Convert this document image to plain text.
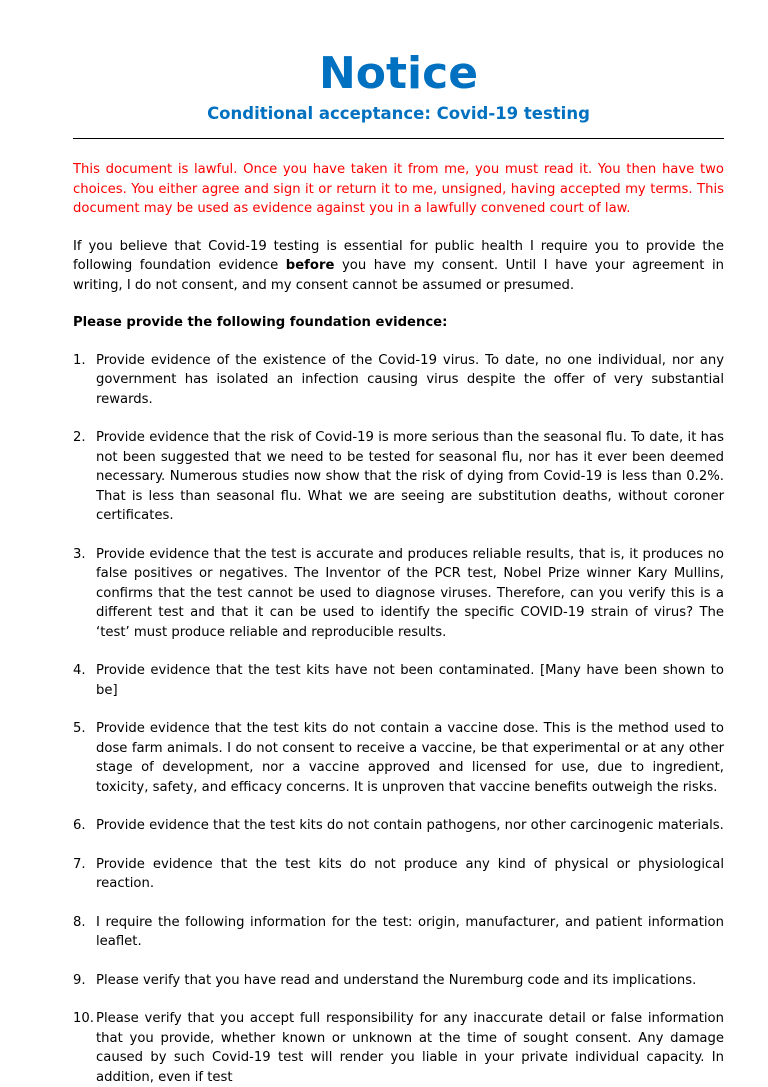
Notice
Conditional acceptance: Covid-19 testing

This document is lawful. Once you have taken it from me, you must read it. You then have two choices. You either agree and sign it or return it to me, unsigned, having accepted my terms. This document may be used as evidence against you in a lawfully convened court of law.

If you believe that Covid-19 testing is essential for public health I require you to provide the following foundation evidence before you have my consent. Until I have your agreement in writing, I do not consent, and my consent cannot be assumed or presumed.

Please provide the following foundation evidence:

1. Provide evidence of the existence of the Covid-19 virus. To date, no one individual, nor any government has isolated an infection causing virus despite the offer of very substantial rewards.
2. Provide evidence that the risk of Covid-19 is more serious than the seasonal flu. To date, it has not been suggested that we need to be tested for seasonal flu, nor has it ever been deemed necessary. Numerous studies now show that the risk of dying from Covid-19 is less than 0.2%. That is less than seasonal flu. What we are seeing are substitution deaths, without coroner certificates.
3. Provide evidence that the test is accurate and produces reliable results, that is, it produces no false positives or negatives. The Inventor of the PCR test, Nobel Prize winner Kary Mullins, confirms that the test cannot be used to diagnose viruses. Therefore, can you verify this is a different test and that it can be used to identify the specific COVID-19 strain of virus? The ‘test’ must produce reliable and reproducible results.
4. Provide evidence that the test kits have not been contaminated. [Many have been shown to be]
5. Provide evidence that the test kits do not contain a vaccine dose. This is the method used to dose farm animals. I do not consent to receive a vaccine, be that experimental or at any other stage of development, nor a vaccine approved and licensed for use, due to ingredient, toxicity, safety, and efficacy concerns. It is unproven that vaccine benefits outweigh the risks.
6. Provide evidence that the test kits do not contain pathogens, nor other carcinogenic materials.
7. Provide evidence that the test kits do not produce any kind of physical or physiological reaction.
8. I require the following information for the test: origin, manufacturer, and patient information leaflet.
9. Please verify that you have read and understand the Nuremburg code and its implications.
10. Please verify that you accept full responsibility for any inaccurate detail or false information that you provide, whether known or unknown at the time of sought consent. Any damage caused by such Covid-19 test will render you liable in your private individual capacity. In addition, even if test
